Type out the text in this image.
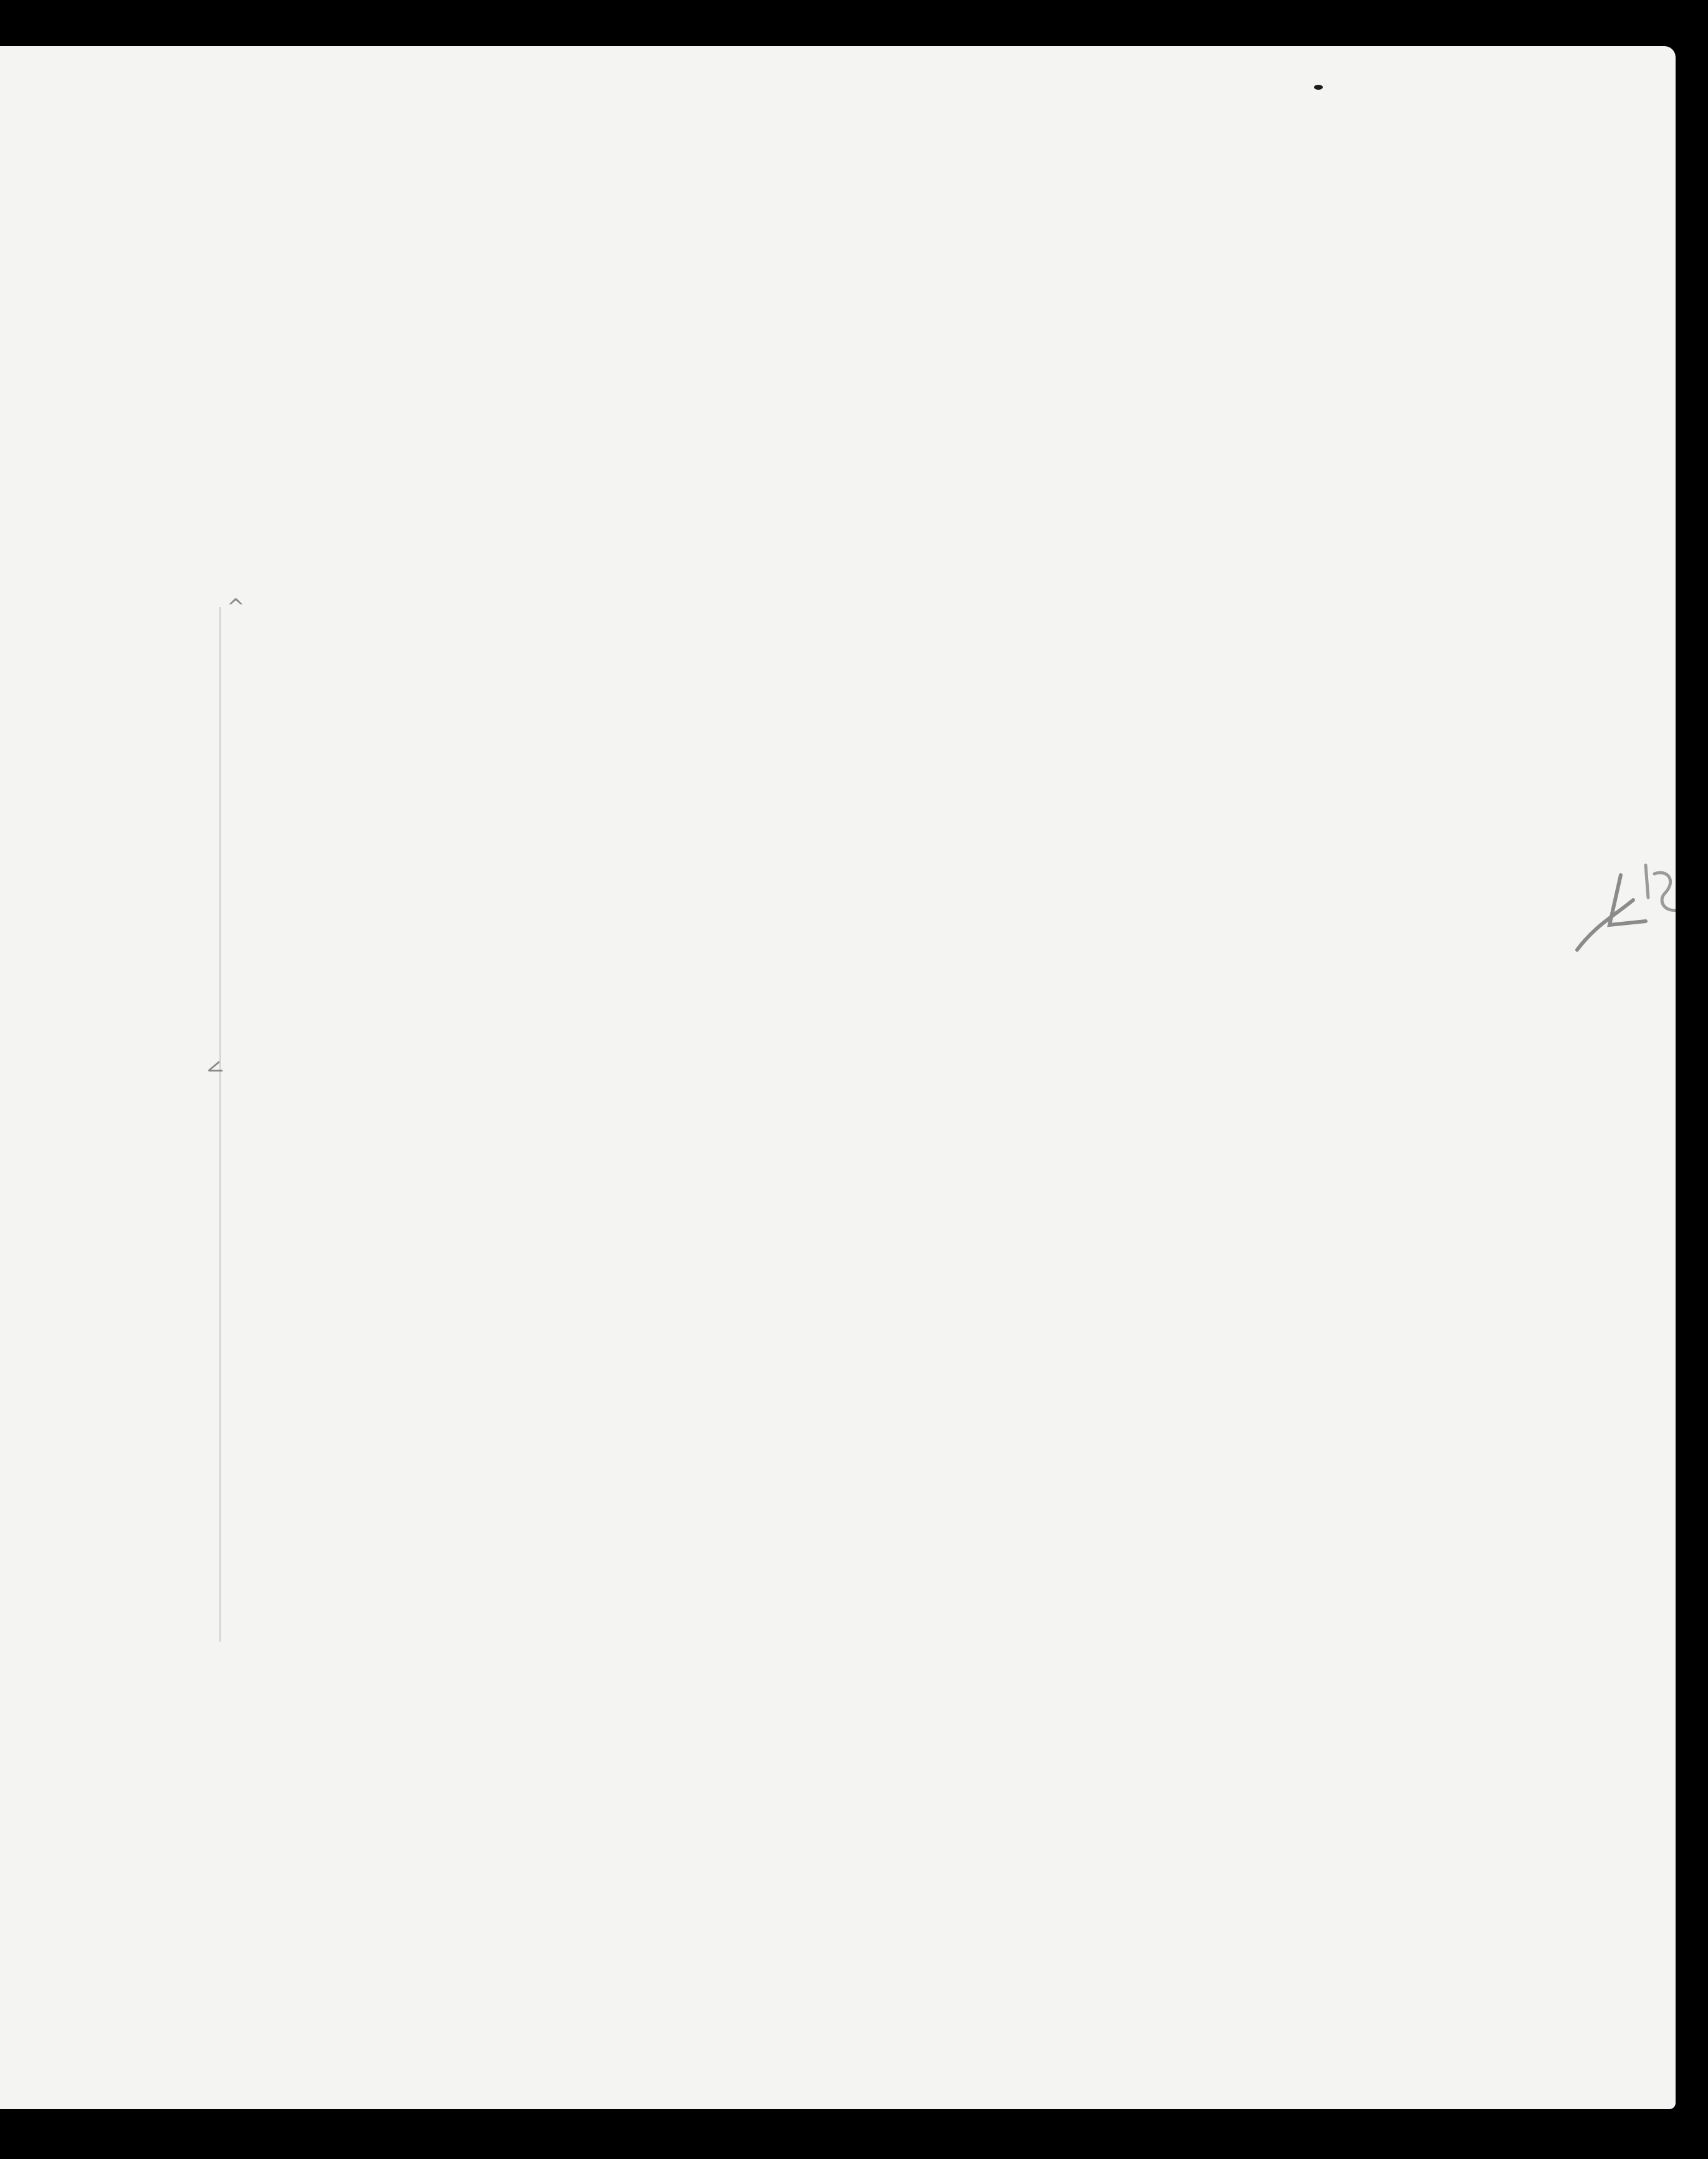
^
<
